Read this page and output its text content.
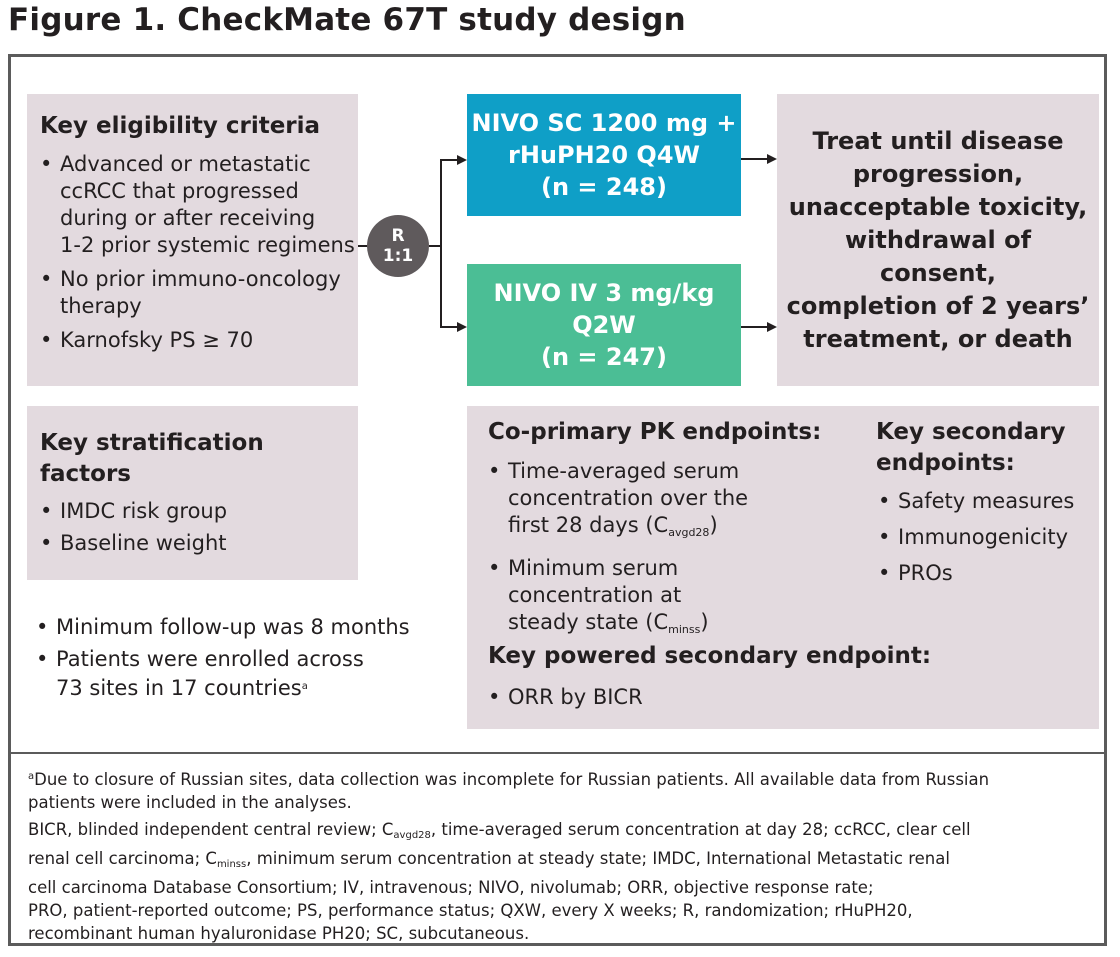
Figure 1. CheckMate 67T study design
Key eligibility criteria
• Advanced or metastatic
ccRCC that progressed
during or after receiving
1-2 prior systemic regimens
• No prior immuno-oncology
therapy
• Karnofsky PS ≥ 70
R
1:1
NIVO SC 1200 mg +
rHuPH20 Q4W
(n = 248)
NIVO IV 3 mg/kg
Q2W
(n = 247)
Treat until disease
progression,
unacceptable toxicity,
withdrawal of consent,
completion of 2 years’
treatment, or death
Key stratification
factors
• IMDC risk group
• Baseline weight
• Minimum follow-up was 8 months
• Patients were enrolled across
73 sites in 17 countries$^a$
Co-primary PK endpoints:
• Time-averaged serum
concentration over the
first 28 days (Cavgd28)
• Minimum serum
concentration at
steady state (Cminss)
Key secondary
endpoints:
• Safety measures
• Immunogenicity
• PROs
Key powered secondary endpoint:
• ORR by BICR

$^a$Due to closure of Russian sites, data collection was incomplete for Russian patients. All available data from Russian

patients were included in the analyses.

BICR, blinded independent central review; $C_{avgd28}$, time-averaged serum concentration at day 28; ccRCC, clear cell

renal cell carcinoma; $C_{minss}$, minimum serum concentration at steady state; IMDC, International Metastatic renal

cell carcinoma Database Consortium; IV, intravenous; NIVO, nivolumab; ORR, objective response rate;

PRO, patient-reported outcome; PS, performance status; QXW, every X weeks; R, randomization; rHuPH20,

recombinant human hyaluronidase PH20; SC, subcutaneous.
